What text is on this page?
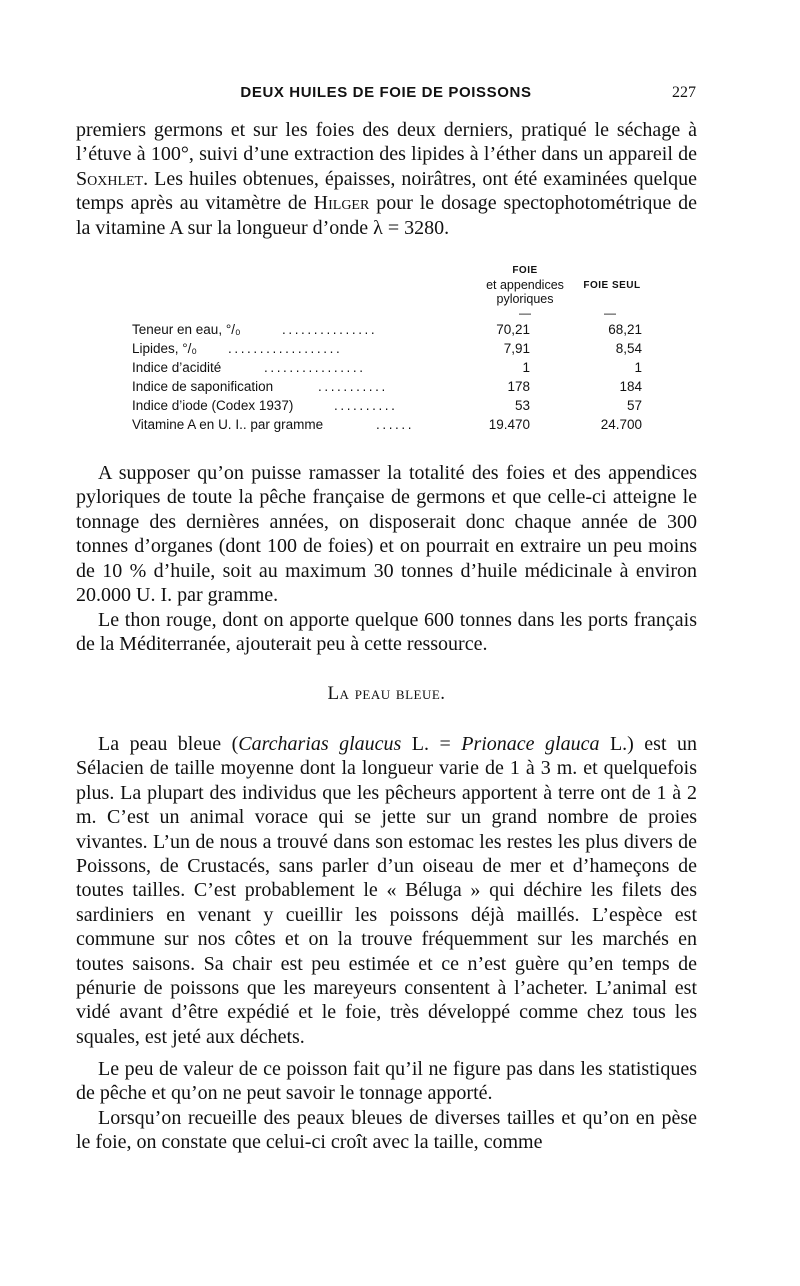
DEUX HUILES DE FOIE DE POISSONS	227

premiers germons et sur les foies des deux derniers, pratiqué le séchage à l’étuve à 100°, suivi d’une extraction des lipides à l’éther dans un appareil de Soxhlet. Les huiles obtenues, épaisses, noirâtres, ont été examinées quelque temps après au vitamètre de Hilger pour le dosage spectophotométrique de la vitamine A sur la longueur d’onde λ = 3280.

FOIE
et appendices
pyloriques
FOIE SEUL
—	—
Teneur en eau, °/₀	...............	70,21	68,21
Lipides, °/₀ ..................	7,91	8,54
Indice d’acidité	................	1	1
Indice de saponification	...........	178	184
Indice d’iode (Codex 1937)	..........	53	57
Vitamine A en U. I.. par gramme	......	19.470	24.700

A supposer qu’on puisse ramasser la totalité des foies et des appendices pyloriques de toute la pêche française de germons et que celle-ci atteigne le tonnage des dernières années, on disposerait donc chaque année de 300 tonnes d’organes (dont 100 de foies) et on pourrait en extraire un peu moins de 10 % d’huile, soit au maximum 30 tonnes d’huile médicinale à environ 20.000 U. I. par gramme.

Le thon rouge, dont on apporte quelque 600 tonnes dans les ports français de la Méditerranée, ajouterait peu à cette ressource.

La peau bleue.

La peau bleue (Carcharias glaucus L. = Prionace glauca L.) est un Sélacien de taille moyenne dont la longueur varie de 1 à 3 m. et quelquefois plus. La plupart des individus que les pêcheurs apportent à terre ont de 1 à 2 m. C’est un animal vorace qui se jette sur un grand nombre de proies vivantes. L’un de nous a trouvé dans son estomac les restes les plus divers de Poissons, de Crustacés, sans parler d’un oiseau de mer et d’hameçons de toutes tailles. C’est probablement le « Béluga » qui déchire les filets des sardiniers en venant y cueillir les poissons déjà maillés. L’espèce est commune sur nos côtes et on la trouve fréquemment sur les marchés en toutes saisons. Sa chair est peu estimée et ce n’est guère qu’en temps de pénurie de poissons que les mareyeurs consentent à l’acheter. L’animal est vidé avant d’être expédié et le foie, très développé comme chez tous les squales, est jeté aux déchets.

Le peu de valeur de ce poisson fait qu’il ne figure pas dans les statistiques de pêche et qu’on ne peut savoir le tonnage apporté.

Lorsqu’on recueille des peaux bleues de diverses tailles et qu’on en pèse le foie, on constate que celui-ci croît avec la taille, comme
